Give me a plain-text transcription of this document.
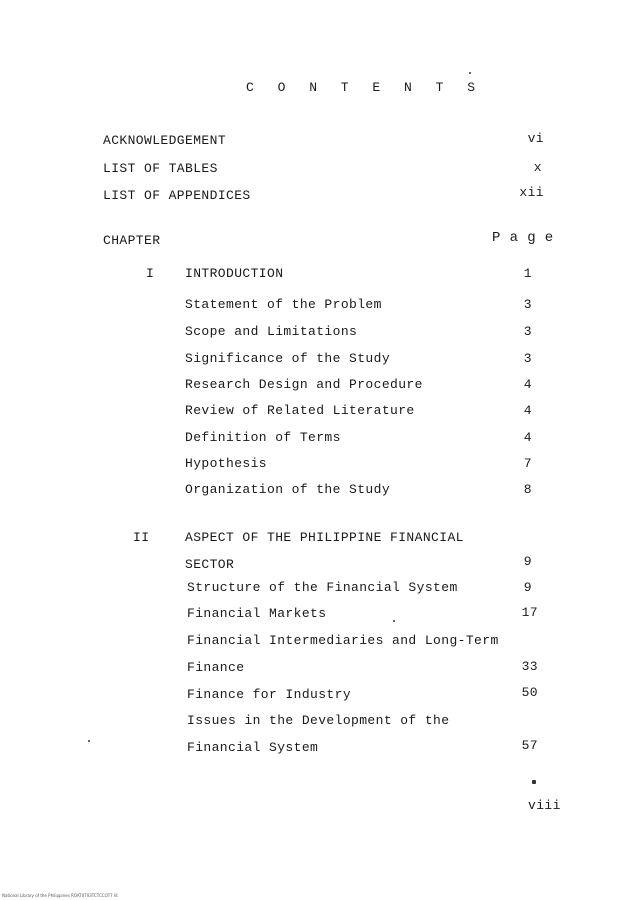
C O N T E N T S
ACKNOWLEDGEMENT	vi
LIST OF TABLES	x
LIST OF APPENDICES	xii
CHAPTER	P a g e
I INTRODUCTION	1
Statement of the Problem	3
Scope and Limitations	3
Significance of the Study	3
Research Design and Procedure	4
Review of Related Literature	4
Definition of Terms	4
Hypothesis	7
Organization of the Study	8
II	ASPECT OF THE PHILIPPINE FINANCIAL
SECTOR	9
Structure of the Financial System	9
Financial Markets	17
Financial Intermediaries and Long-Term
Finance	33
Finance for Industry	50
Issues in the Development of the
Financial System	57
viii
National Library of the Philippines ROAT0T03TCTCCOT7 lit
